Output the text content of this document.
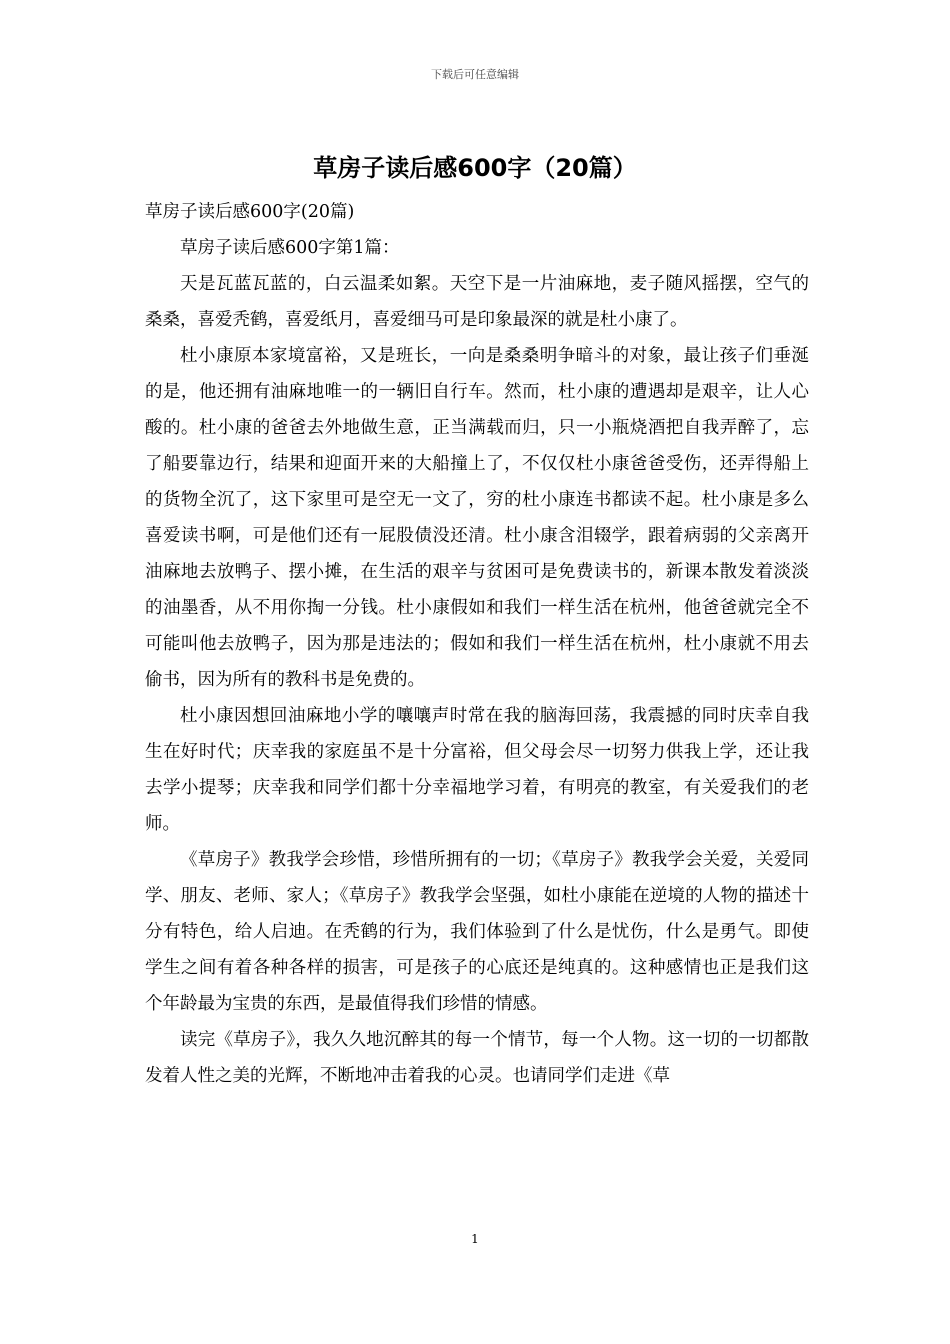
下载后可任意编辑
草房子读后感600字（20篇）

草房子读后感600字(20篇)

草房子读后感600字第1篇：

天是瓦蓝瓦蓝的，白云温柔如絮。天空下是一片油麻地，麦子随风摇摆，空气的桑桑，喜爱秃鹤，喜爱纸月，喜爱细马可是印象最深的就是杜小康了。

杜小康原本家境富裕，又是班长，一向是桑桑明争暗斗的对象，最让孩子们垂涎的是，他还拥有油麻地唯一的一辆旧自行车。然而，杜小康的遭遇却是艰辛，让人心酸的。杜小康的爸爸去外地做生意，正当满载而归，只一小瓶烧酒把自我弄醉了，忘了船要靠边行，结果和迎面开来的大船撞上了，不仅仅杜小康爸爸受伤，还弄得船上的货物全沉了，这下家里可是空无一文了，穷的杜小康连书都读不起。杜小康是多么喜爱读书啊，可是他们还有一屁股债没还清。杜小康含泪辍学，跟着病弱的父亲离开油麻地去放鸭子、摆小摊，在生活的艰辛与贫困可是免费读书的，新课本散发着淡淡的油墨香，从不用你掏一分钱。杜小康假如和我们一样生活在杭州，他爸爸就完全不可能叫他去放鸭子，因为那是违法的；假如和我们一样生活在杭州，杜小康就不用去偷书，因为所有的教科书是免费的。

杜小康因想回油麻地小学的嚷嚷声时常在我的脑海回荡，我震撼的同时庆幸自我生在好时代；庆幸我的家庭虽不是十分富裕，但父母会尽一切努力供我上学，还让我去学小提琴；庆幸我和同学们都十分幸福地学习着，有明亮的教室，有关爱我们的老师。

《草房子》教我学会珍惜，珍惜所拥有的一切；《草房子》教我学会关爱，关爱同学、朋友、老师、家人；《草房子》教我学会坚强，如杜小康能在逆境的人物的描述十分有特色，给人启迪。在秃鹤的行为，我们体验到了什么是忧伤，什么是勇气。即使学生之间有着各种各样的损害，可是孩子的心底还是纯真的。这种感情也正是我们这个年龄最为宝贵的东西，是最值得我们珍惜的情感。

读完《草房子》，我久久地沉醉其的每一个情节，每一个人物。这一切的一切都散发着人性之美的光辉，不断地冲击着我的心灵。也请同学们走进《草

1
